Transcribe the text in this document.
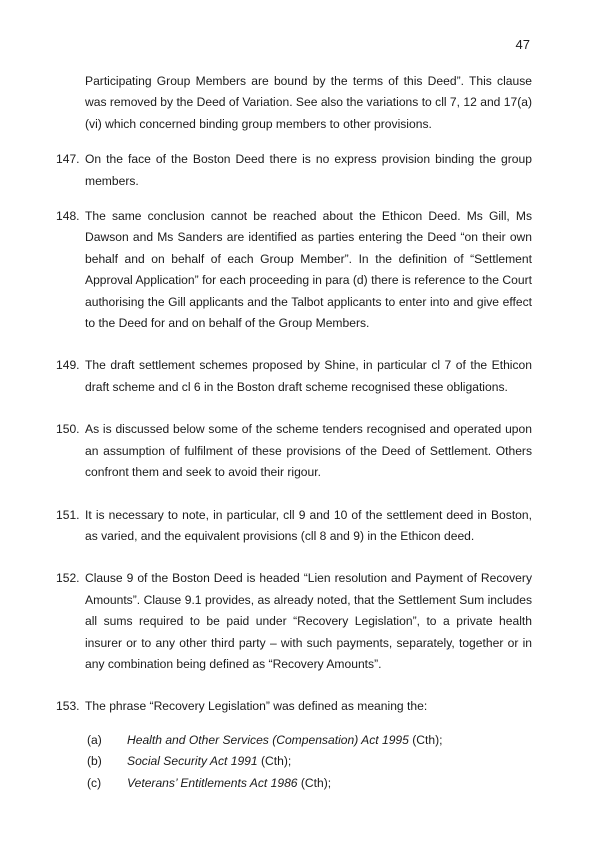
47
Participating Group Members are bound by the terms of this Deed”. This clause was removed by the Deed of Variation. See also the variations to cll 7, 12 and 17(a)(vi) which concerned binding group members to other provisions.
147. On the face of the Boston Deed there is no express provision binding the group members.
148. The same conclusion cannot be reached about the Ethicon Deed. Ms Gill, Ms Dawson and Ms Sanders are identified as parties entering the Deed “on their own behalf and on behalf of each Group Member”. In the definition of “Settlement Approval Application” for each proceeding in para (d) there is reference to the Court authorising the Gill applicants and the Talbot applicants to enter into and give effect to the Deed for and on behalf of the Group Members.
149. The draft settlement schemes proposed by Shine, in particular cl 7 of the Ethicon draft scheme and cl 6 in the Boston draft scheme recognised these obligations.
150. As is discussed below some of the scheme tenders recognised and operated upon an assumption of fulfilment of these provisions of the Deed of Settlement. Others confront them and seek to avoid their rigour.
151. It is necessary to note, in particular, cll 9 and 10 of the settlement deed in Boston, as varied, and the equivalent provisions (cll 8 and 9) in the Ethicon deed.
152. Clause 9 of the Boston Deed is headed “Lien resolution and Payment of Recovery Amounts”. Clause 9.1 provides, as already noted, that the Settlement Sum includes all sums required to be paid under “Recovery Legislation”, to a private health insurer or to any other third party – with such payments, separately, together or in any combination being defined as “Recovery Amounts”.
153. The phrase “Recovery Legislation” was defined as meaning the:
(a) Health and Other Services (Compensation) Act 1995 (Cth);
(b) Social Security Act 1991 (Cth);
(c) Veterans’ Entitlements Act 1986 (Cth);
